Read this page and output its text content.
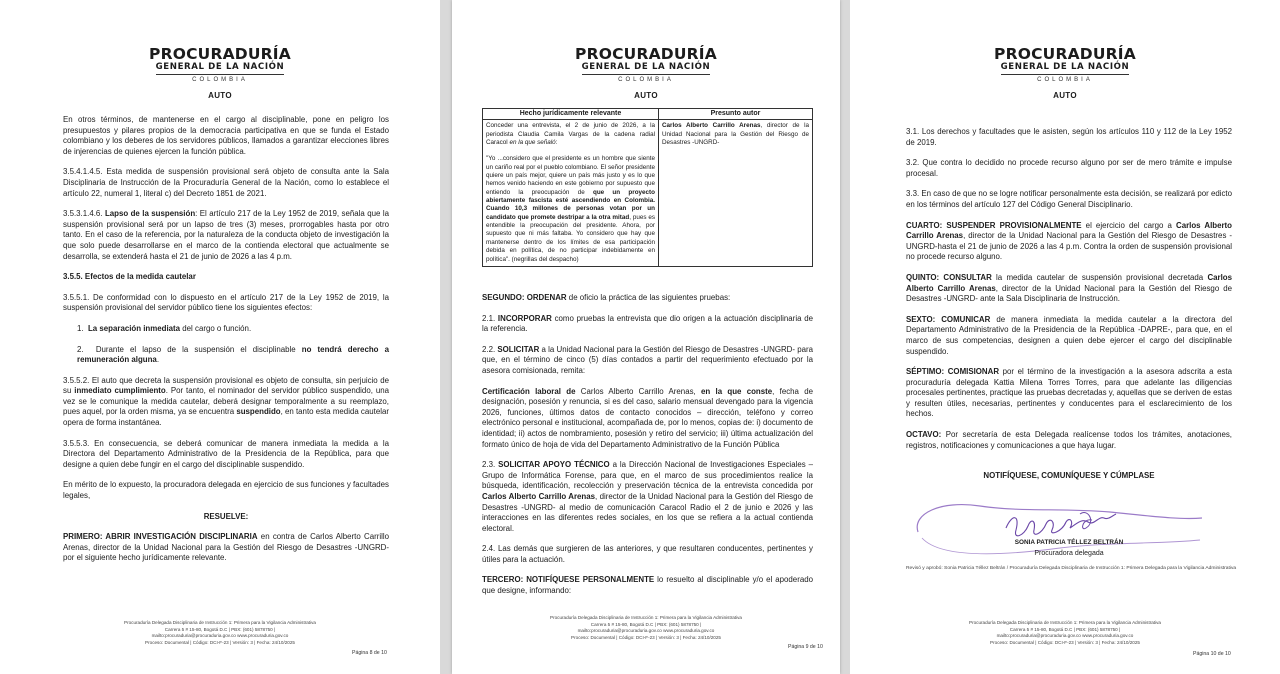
PROCURADURÍA
GENERAL DE LA NACIÓN
COLOMBIA
AUTO

En otros términos, de mantenerse en el cargo al disciplinable, pone en peligro los presupuestos y pilares propios de la democracia participativa en que se funda el Estado colombiano y los deberes de los servidores públicos, llamados a garantizar elecciones libres de injerencias de quienes ejercen la función pública.

3.5.4.1.4.5. Esta medida de suspensión provisional será objeto de consulta ante la Sala Disciplinaria de Instrucción de la Procuraduría General de la Nación, como lo establece el artículo 22, numeral 1, literal c) del Decreto 1851 de 2021.

3.5.3.1.4.6. Lapso de la suspensión: El artículo 217 de la Ley 1952 de 2019, señala que la suspensión provisional será por un lapso de tres (3) meses, prorrogables hasta por otro tanto. En el caso de la referencia, por la naturaleza de la conducta objeto de investigación la que solo puede desarrollarse en el marco de la contienda electoral que actualmente se desarrolla, se extenderá hasta el 21 de junio de 2026 a las 4 p.m.

3.5.5. Efectos de la medida cautelar

3.5.5.1. De conformidad con lo dispuesto en el artículo 217 de la Ley 1952 de 2019, la suspensión provisional del servidor público tiene los siguientes efectos:

1. La separación inmediata del cargo o función.

2. Durante el lapso de la suspensión el disciplinable no tendrá derecho a remuneración alguna.

3.5.5.2. El auto que decreta la suspensión provisional es objeto de consulta, sin perjuicio de su inmediato cumplimiento. Por tanto, el nominador del servidor público suspendido, una vez se le comunique la medida cautelar, deberá designar temporalmente a su reemplazo, pues aquel, por la orden misma, ya se encuentra suspendido, en tanto esta medida cautelar opera de forma instantánea.

3.5.5.3. En consecuencia, se deberá comunicar de manera inmediata la medida a la Directora del Departamento Administrativo de la Presidencia de la República, para que designe a quien debe fungir en el cargo del disciplinable suspendido.

En mérito de lo expuesto, la procuradora delegada en ejercicio de sus funciones y facultades legales,

RESUELVE:

PRIMERO: ABRIR INVESTIGACIÓN DISCIPLINARIA en contra de Carlos Alberto Carrillo Arenas, director de la Unidad Nacional para la Gestión del Riesgo de Desastres -UNGRD- por el siguiente hecho jurídicamente relevante.

Procuraduría Delegada Disciplinaria de Instrucción 1: Primera para la Vigilancia Administrativa
Carrera 5 # 15-80, Bogotá D.C | PBX: (601) 5878750 |
mailto:procuraduria@procuraduria.gov.co www.procuraduria.gov.co
Proceso: Documental | Código: DCI-F-23 | Versión: 3 | Fecha: 24/10/2025
Página 8 de 10
PROCURADURÍA
GENERAL DE LA NACIÓN
COLOMBIA
AUTO
Hecho jurídicamente relevante	Presunto autor

Conceder una entrevista, el 2 de junio de 2026, a la periodista Claudia Camila Vargas de la cadena radial Caracol en la que señaló:

"Yo ...considero que el presidente es un hombre que siente un cariño real por el pueblo colombiano. El señor presidente quiere un país mejor, quiere un país más justo y es lo que hemos venido haciendo en este gobierno por supuesto que entiendo la preocupación de que un proyecto abiertamente fascista esté ascendiendo en Colombia. Cuando 10,3 millones de personas votan por un candidato que promete destripar a la otra mitad, pues es entendible la preocupación del presidente. Ahora, por supuesto que ni más faltaba. Yo considero que hay que mantenerse dentro de los límites de esa participación debida en política, de no participar indebidamente en política". (negrillas del despacho)	Carlos Alberto Carrillo Arenas, director de la Unidad Nacional para la Gestión del Riesgo de Desastres -UNGRD-

SEGUNDO: ORDENAR de oficio la práctica de las siguientes pruebas:

2.1. INCORPORAR como pruebas la entrevista que dio origen a la actuación disciplinaria de la referencia.

2.2. SOLICITAR a la Unidad Nacional para la Gestión del Riesgo de Desastres -UNGRD- para que, en el término de cinco (5) días contados a partir del requerimiento efectuado por la asesora comisionada, remita:

Certificación laboral de Carlos Alberto Carrillo Arenas, en la que conste, fecha de designación, posesión y renuncia, si es del caso, salario mensual devengado para la vigencia 2026, funciones, últimos datos de contacto conocidos – dirección, teléfono y correo electrónico personal e institucional, acompañada de, por lo menos, copias de: i) documento de identidad; ii) actos de nombramiento, posesión y retiro del servicio; iii) última actualización del formato único de hoja de vida del Departamento Administrativo de la Función Pública

2.3. SOLICITAR APOYO TÉCNICO a la Dirección Nacional de Investigaciones Especiales – Grupo de Informática Forense, para que, en el marco de sus procedimientos realice la búsqueda, identificación, recolección y preservación técnica de la entrevista concedida por Carlos Alberto Carrillo Arenas, director de la Unidad Nacional para la Gestión del Riesgo de Desastres -UNGRD- al medio de comunicación Caracol Radio el 2 de junio e 2026 y las interacciones en las diferentes redes sociales, en los que se refiera a la actual contienda electoral.

2.4. Las demás que surgieren de las anteriores, y que resultaren conducentes, pertinentes y útiles para la actuación.

TERCERO: NOTIFÍQUESE PERSONALMENTE lo resuelto al disciplinable y/o el apoderado que designe, informando:

Procuraduría Delegada Disciplinaria de Instrucción 1: Primera para la Vigilancia Administrativa
Carrera 5 # 15-80, Bogotá D.C | PBX: (601) 5878750 |
mailto:procuraduria@procuraduria.gov.co www.procuraduria.gov.co
Proceso: Documental | Código: DCI-F-23 | Versión: 3 | Fecha: 24/10/2025
Página 9 de 10
PROCURADURÍA
GENERAL DE LA NACIÓN
COLOMBIA
AUTO

3.1. Los derechos y facultades que le asisten, según los artículos 110 y 112 de la Ley 1952 de 2019.

3.2. Que contra lo decidido no procede recurso alguno por ser de mero trámite e impulse procesal.

3.3. En caso de que no se logre notificar personalmente esta decisión, se realizará por edicto en los términos del artículo 127 del Código General Disciplinario.

CUARTO: SUSPENDER PROVISIONALMENTE el ejercicio del cargo a Carlos Alberto Carrillo Arenas, director de la Unidad Nacional para la Gestión del Riesgo de Desastres -UNGRD-hasta el 21 de junio de 2026 a las 4 p.m. Contra la orden de suspensión provisional no procede recurso alguno.

QUINTO: CONSULTAR la medida cautelar de suspensión provisional decretada Carlos Alberto Carrillo Arenas, director de la Unidad Nacional para la Gestión del Riesgo de Desastres -UNGRD- ante la Sala Disciplinaria de Instrucción.

SEXTO: COMUNICAR de manera inmediata la medida cautelar a la directora del Departamento Administrativo de la Presidencia de la República -DAPRE-, para que, en el marco de sus competencias, designen a quien debe ejercer el cargo del disciplinable suspendido.

SÉPTIMO: COMISIONAR por el término de la investigación a la asesora adscrita a esta procuraduría delegada Kattia Milena Torres Torres, para que adelante las diligencias procesales pertinentes, practique las pruebas decretadas y, aquellas que se deriven de estas y resulten útiles, necesarias, pertinentes y conducentes para el esclarecimiento de los hechos.

OCTAVO: Por secretaría de esta Delegada realícense todos los trámites, anotaciones, registros, notificaciones y comunicaciones a que haya lugar.

NOTIFÍQUESE, COMUNÍQUESE Y CÚMPLASE
SONIA PATRICIA TÉLLEZ BELTRÁN
Procuradora delegada
Revisó y aprobó: Sonia Patricia Téllez Beltrán / Procuraduría Delegada Disciplinaria de Instrucción 1: Primera Delegada para la Vigilancia Administrativa
Procuraduría Delegada Disciplinaria de Instrucción 1: Primera para la Vigilancia Administrativa
Carrera 5 # 15-80, Bogotá D.C | PBX: (601) 5878750 |
mailto:procuraduria@procuraduria.gov.co www.procuraduria.gov.co
Proceso: Documental | Código: DCI-F-23 | Versión: 3 | Fecha: 24/10/2025
Página 10 de 10
